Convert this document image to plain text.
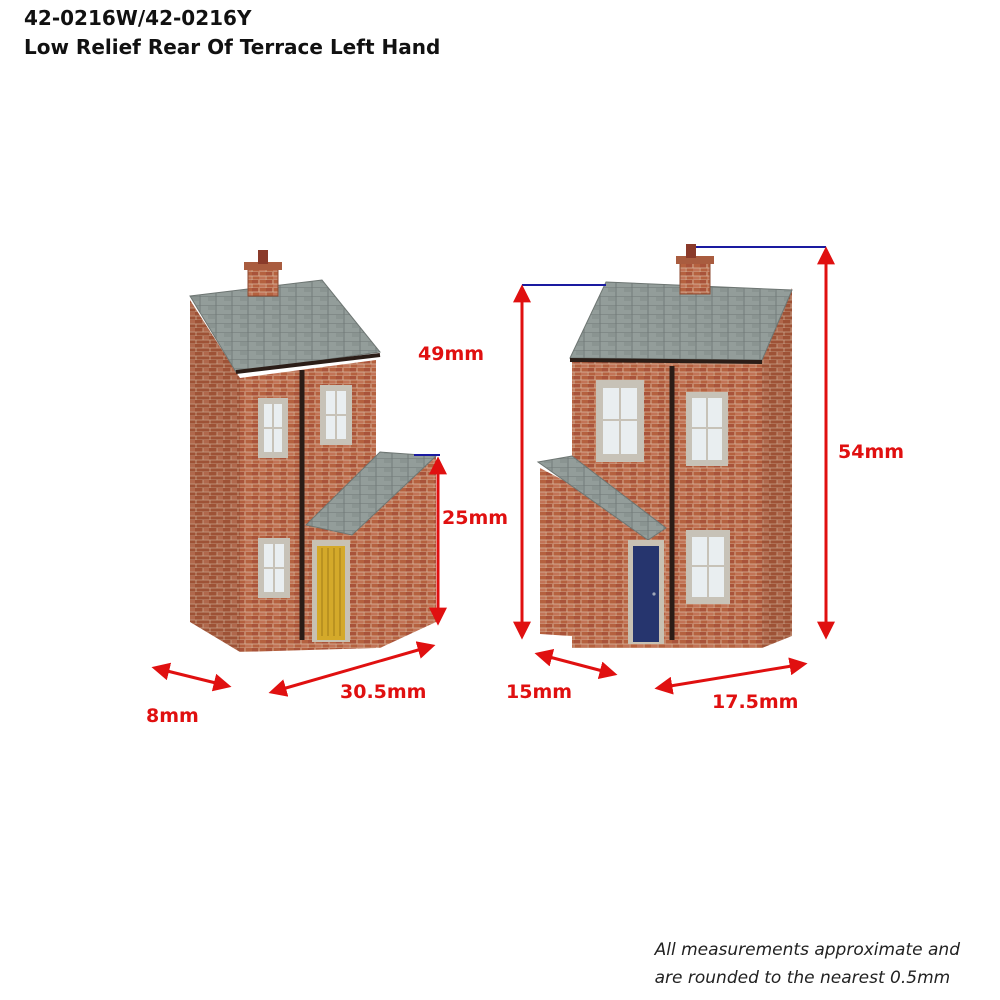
42-0216W/42-0216Y
Low Relief Rear Of Terrace Left Hand
49mm
25mm
8mm
30.5mm	15mm	17.5mm
54mm
All measurements approximate and
are rounded to the nearest 0.5mm
